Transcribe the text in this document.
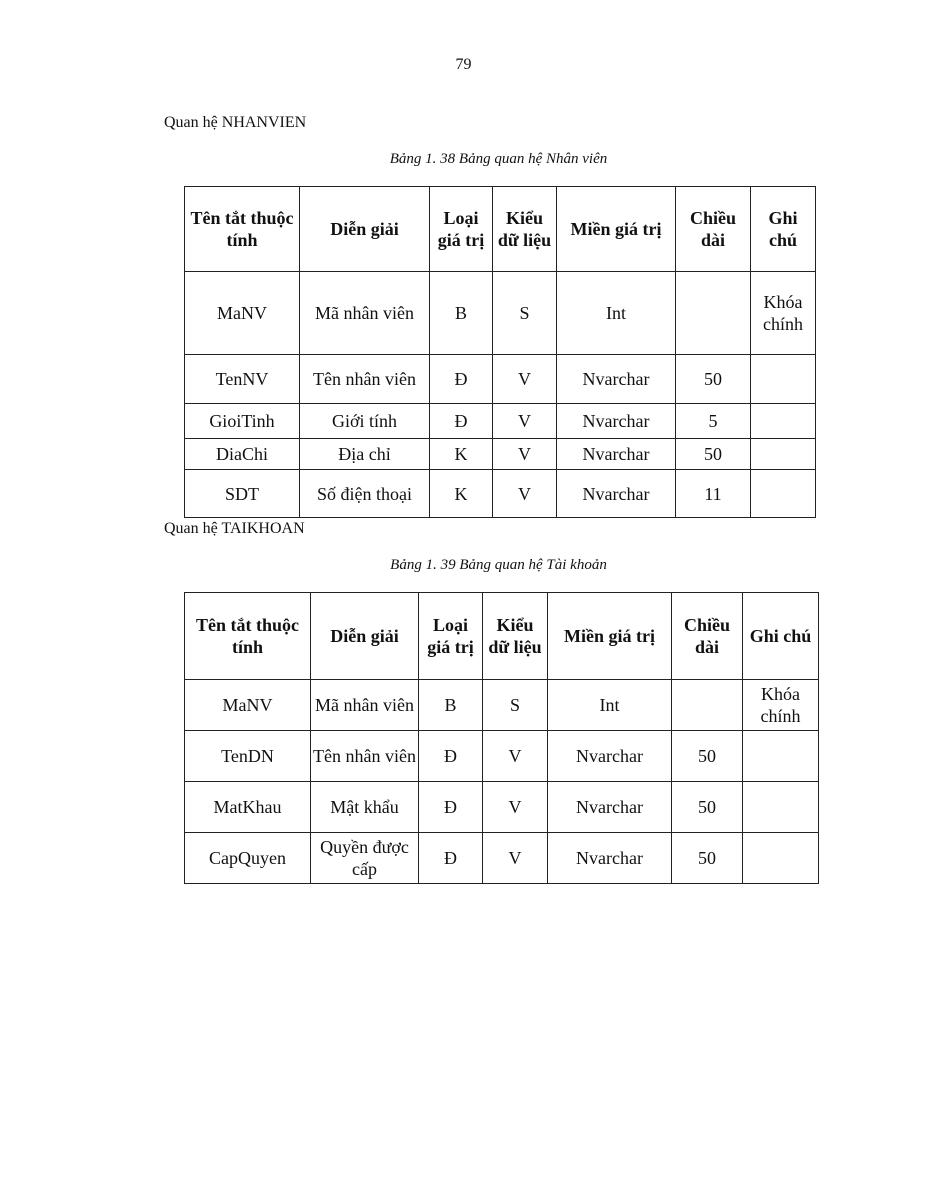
79
Quan hệ NHANVIEN
Bảng 1. 38 Bảng quan hệ Nhân viên
Tên tắt thuộc tính	Diễn giải	Loại giá trị	Kiểu dữ liệu	Miền giá trị	Chiều dài	Ghi chú
MaNV	Mã nhân viên	B	S	Int		Khóa chính
TenNV	Tên nhân viên	Đ	V	Nvarchar	50	
GioiTinh	Giới tính	Đ	V	Nvarchar	5	
DiaChi	Địa chỉ	K	V	Nvarchar	50	
SDT	Số điện thoại	K	V	Nvarchar	11	
Quan hệ TAIKHOAN
Bảng 1. 39 Bảng quan hệ Tài khoản
Tên tắt thuộc tính	Diễn giải	Loại giá trị	Kiểu dữ liệu	Miền giá trị	Chiều dài	Ghi chú
MaNV	Mã nhân viên	B	S	Int		Khóa chính
TenDN	Tên nhân viên	Đ	V	Nvarchar	50	
MatKhau	Mật khẩu	Đ	V	Nvarchar	50	
CapQuyen	Quyền được cấp	Đ	V	Nvarchar	50	
